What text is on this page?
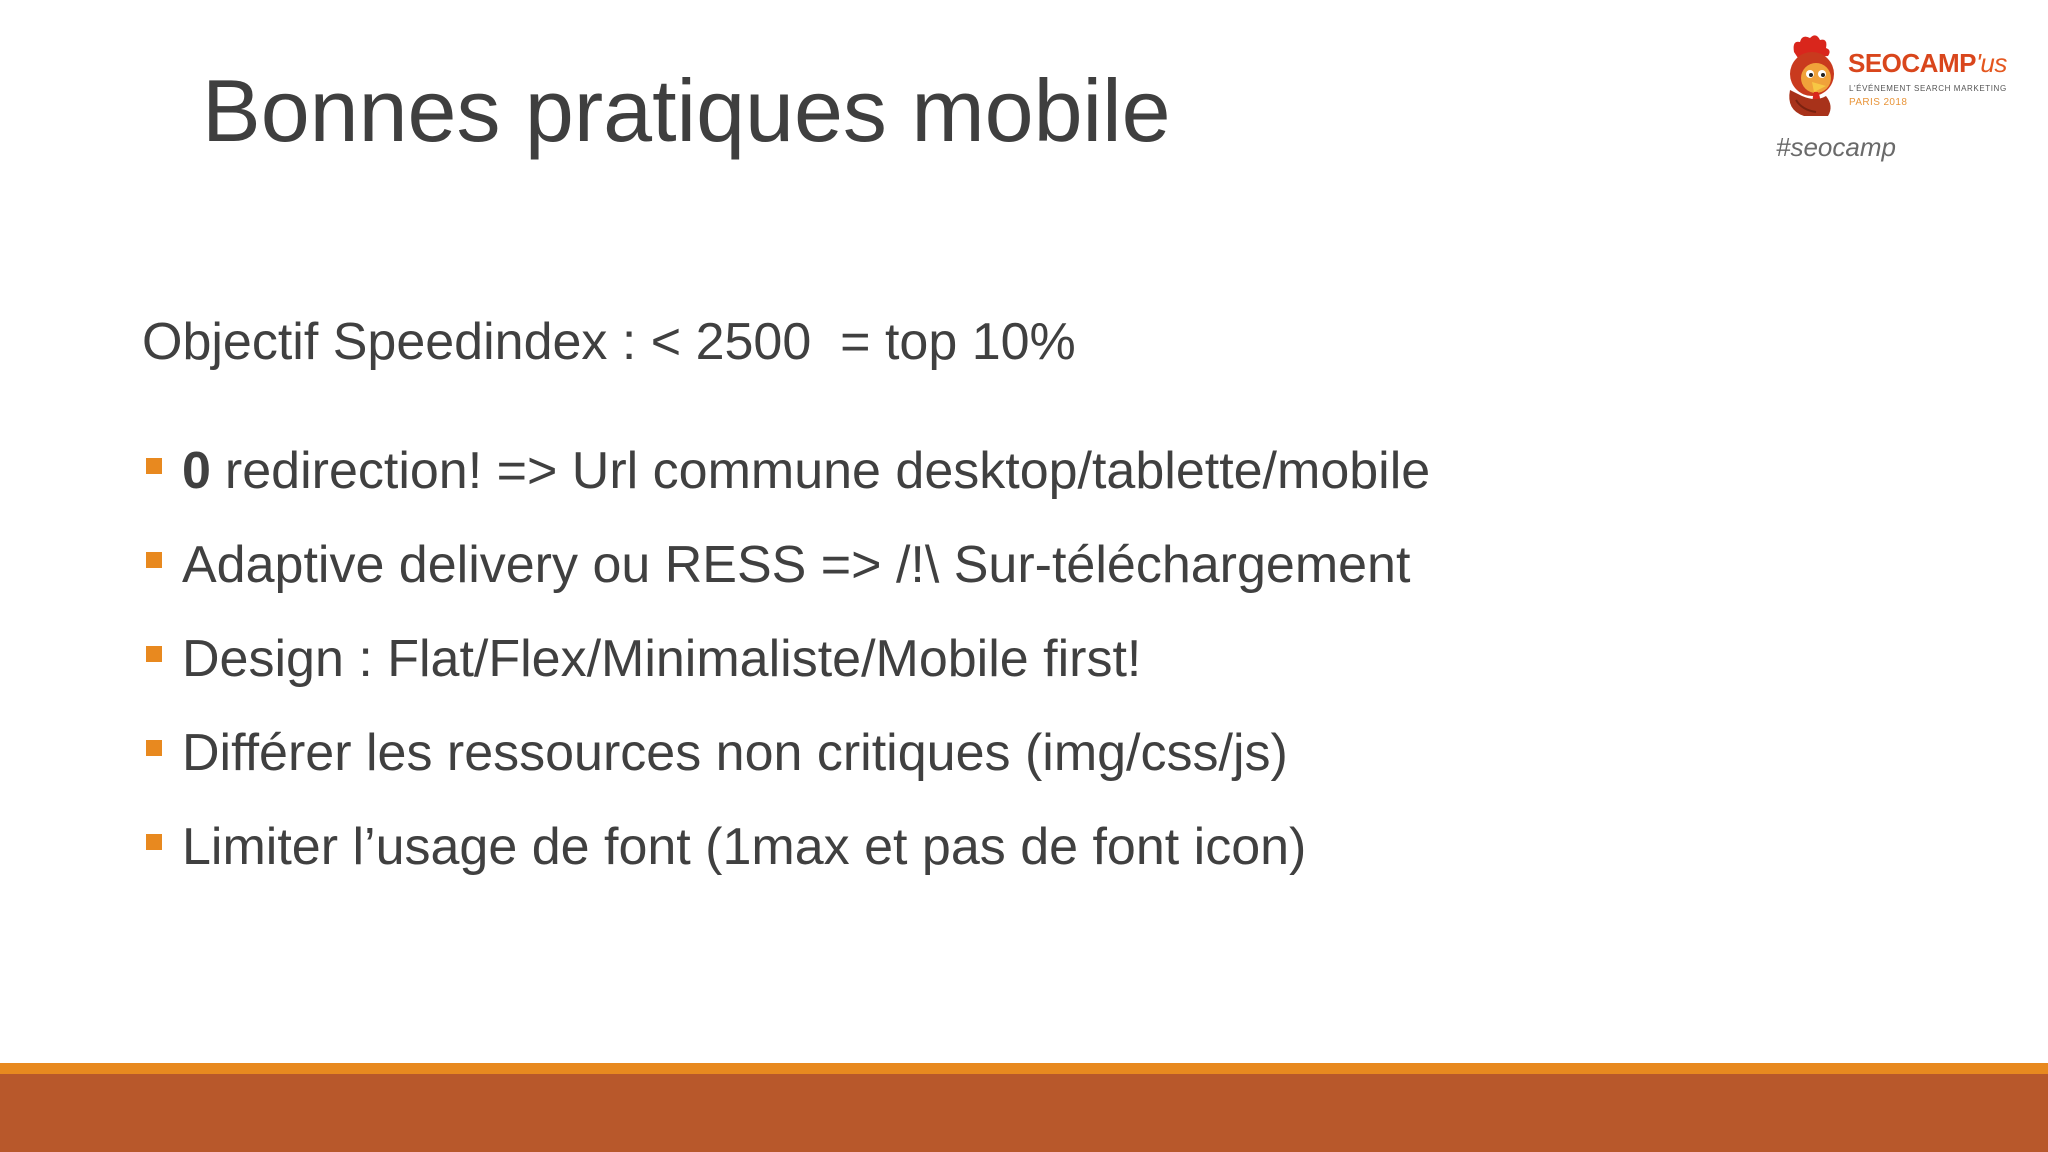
Bonnes pratiques mobile	SEOCAMP'us
L'ÉVÉNEMENT SEARCH MARKETING
PARIS 2018
#seocamp

Objectif Speedindex : < 2500  = top 10%

0 redirection! => Url commune desktop/tablette/mobile
Adaptive delivery ou RESS => /!\ Sur-téléchargement
Design : Flat/Flex/Minimaliste/Mobile first!
Différer les ressources non critiques (img/css/js)
Limiter l’usage de font (1max et pas de font icon)
